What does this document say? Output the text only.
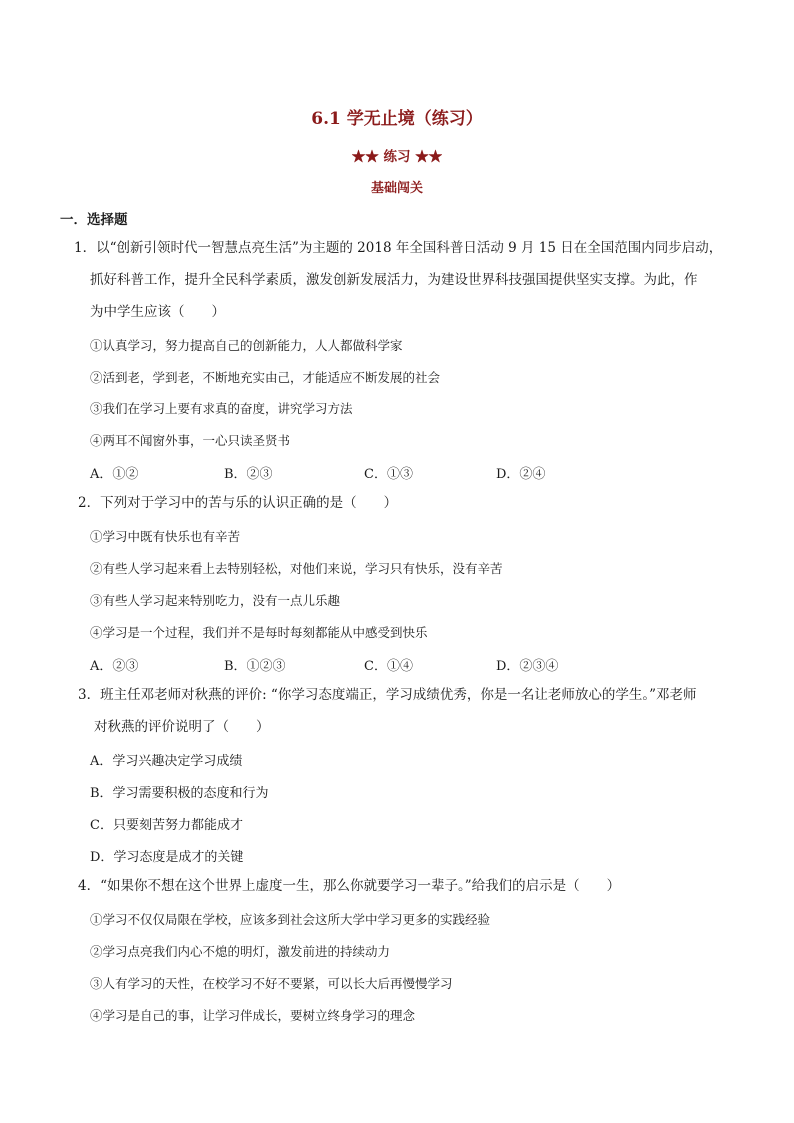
6.1 学无止境（练习）
★★ 练习 ★★
基础闯关
一．选择题
1．以“创新引领时代一智慧点亮生活”为主题的 2018 年全国科普日活动 9 月 15 日在全国范围内同步启动，
抓好科普工作，提升全民科学素质，激发创新发展活力，为建设世界科技强国提供坚实支撑。为此，作
为中学生应该（　　）
①认真学习，努力提高自己的创新能力，人人都做科学家
②活到老，学到老，不断地充实由己，才能适应不断发展的社会
③我们在学习上要有求真的奋度，讲究学习方法
④两耳不闻窗外事，一心只读圣贤书
A．①②	B．②③	C．①③	D．②④
2．下列对于学习中的苦与乐的认识正确的是（　　）
①学习中既有快乐也有辛苦
②有些人学习起来看上去特别轻松，对他们来说，学习只有快乐，没有辛苦
③有些人学习起来特别吃力，没有一点儿乐趣
④学习是一个过程，我们并不是每时每刻都能从中感受到快乐
A．②③	B．①②③	C．①④	D．②③④
3．班主任邓老师对秋燕的评价: “你学习态度端正，学习成绩优秀，你是一名让老师放心的学生。”邓老师
对秋燕的评价说明了（　　）
A．学习兴趣决定学习成绩
B．学习需要积极的态度和行为
C．只要刻苦努力都能成才
D．学习态度是成才的关键
4．“如果你不想在这个世界上虚度一生，那么你就要学习一辈子。”给我们的启示是（　　）
①学习不仅仅局限在学校，应该多到社会这所大学中学习更多的实践经验
②学习点亮我们内心不熄的明灯，激发前进的持续动力
③人有学习的天性，在校学习不好不要紧，可以长大后再慢慢学习
④学习是自己的事，让学习伴成长，要树立终身学习的理念
